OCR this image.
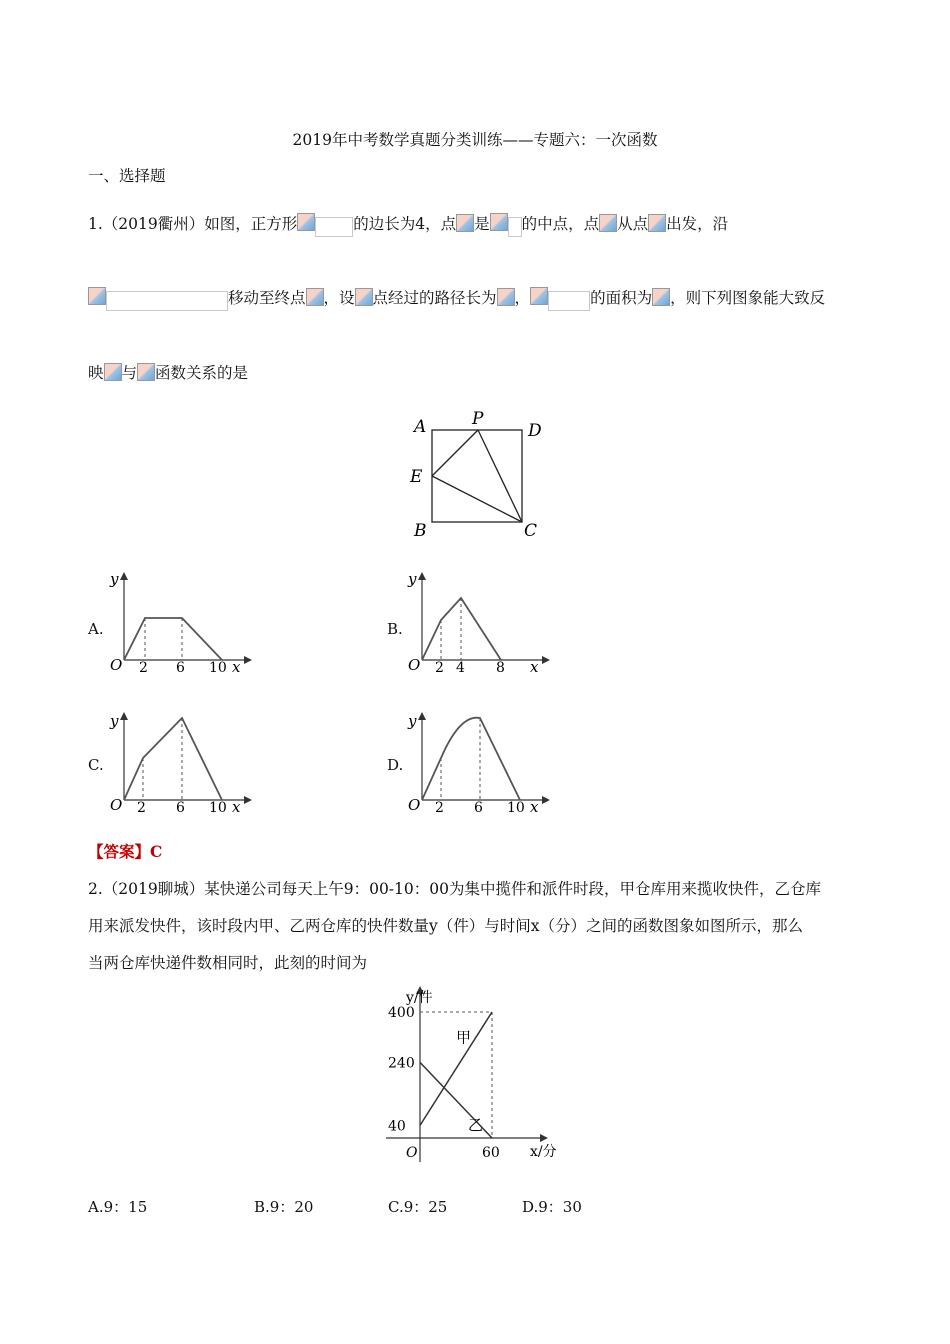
2019年中考数学真题分类训练——专题六：一次函数
一、选择题
1.（2019衢州）如图，正方形	的边长为4，点 是 的中点，点 从点 出发，沿
移动至终点 ，设 点经过的路径长为 ，	的面积为 ，则下列图象能大致反
映 与 函数关系的是
A	P
D
E
B	C
A.	B.
C.	D.
y
O 2 6 10 x
y
O 2 4 8 x
y
O 2 6 10 x
y
O 2 6 10 x
【答案】C
2.（2019聊城）某快递公司每天上午9：00-10：00为集中揽件和派件时段，甲仓库用来揽收快件，乙仓库
用来派发快件，该时段内甲、乙两仓库的快件数量y（件）与时间x（分）之间的函数图象如图所示，那么
当两仓库快递件数相同时，此刻的时间为
y/件
x/分
O
甲
乙
400
240
40
60
A.9：15	B.9：20	C.9：25	D.9：30
